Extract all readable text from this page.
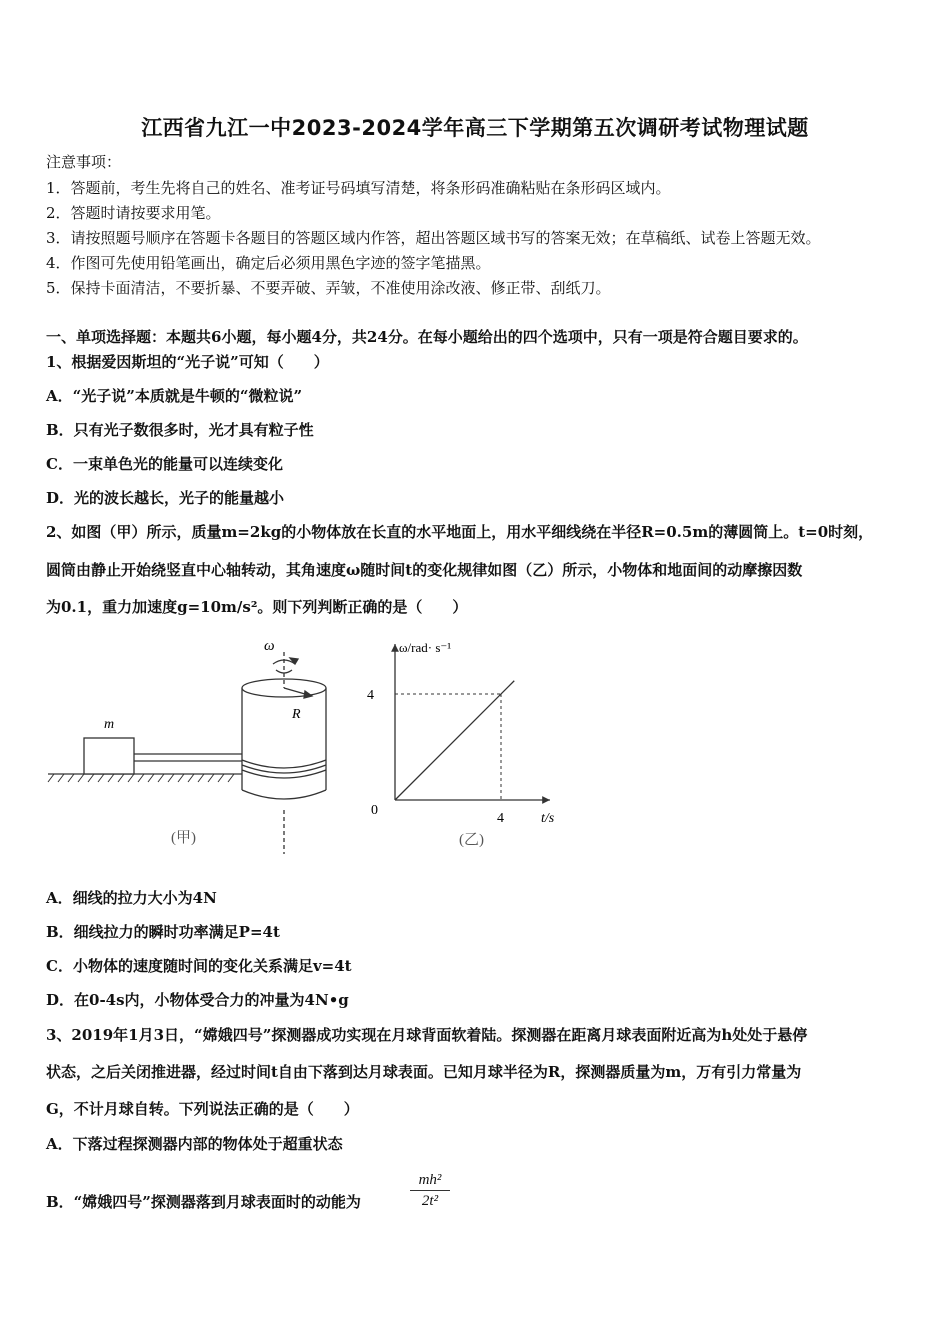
江西省九江一中2023-2024学年高三下学期第五次调研考试物理试题
注意事项：
1．答题前，考生先将自己的姓名、准考证号码填写清楚，将条形码准确粘贴在条形码区域内。
2．答题时请按要求用笔。
3．请按照题号顺序在答题卡各题目的答题区域内作答，超出答题区域书写的答案无效；在草稿纸、试卷上答题无效。
4．作图可先使用铅笔画出，确定后必须用黑色字迹的签字笔描黑。
5．保持卡面清洁，不要折暴、不要弄破、弄皱，不准使用涂改液、修正带、刮纸刀。
一、单项选择题：本题共6小题，每小题4分，共24分。在每小题给出的四个选项中，只有一项是符合题目要求的。
1、根据爱因斯坦的“光子说”可知（　　）
A．“光子说”本质就是牛顿的“微粒说”
B．只有光子数很多时，光才具有粒子性
C．一束单色光的能量可以连续变化
D．光的波长越长，光子的能量越小
2、如图（甲）所示，质量m=2kg的小物体放在长直的水平地面上，用水平细线绕在半径R=0.5m的薄圆筒上。t=0时刻，
圆筒由静止开始绕竖直中心轴转动，其角速度ω随时间t的变化规律如图（乙）所示，小物体和地面间的动摩擦因数
为0.1，重力加速度g=10m/s²。则下列判断正确的是（　　）
m
ω
R
(甲)
ω/rad· s⁻¹
t/s
0
4
4
(乙)
A．细线的拉力大小为4N
B．细线拉力的瞬时功率满足P=4t
C．小物体的速度随时间的变化关系满足v=4t
D．在0-4s内，小物体受合力的冲量为4N•g
3、2019年1月3日，“嫦娥四号”探测器成功实现在月球背面软着陆。探测器在距离月球表面附近高为h处处于悬停
状态，之后关闭推进器，经过时间t自由下落到达月球表面。已知月球半径为R，探测器质量为m，万有引力常量为
G，不计月球自转。下列说法正确的是（　　）
A．下落过程探测器内部的物体处于超重状态
B．“嫦娥四号”探测器落到月球表面时的动能为	$\frac{\text{mh²}}{\text{2t²}}$
